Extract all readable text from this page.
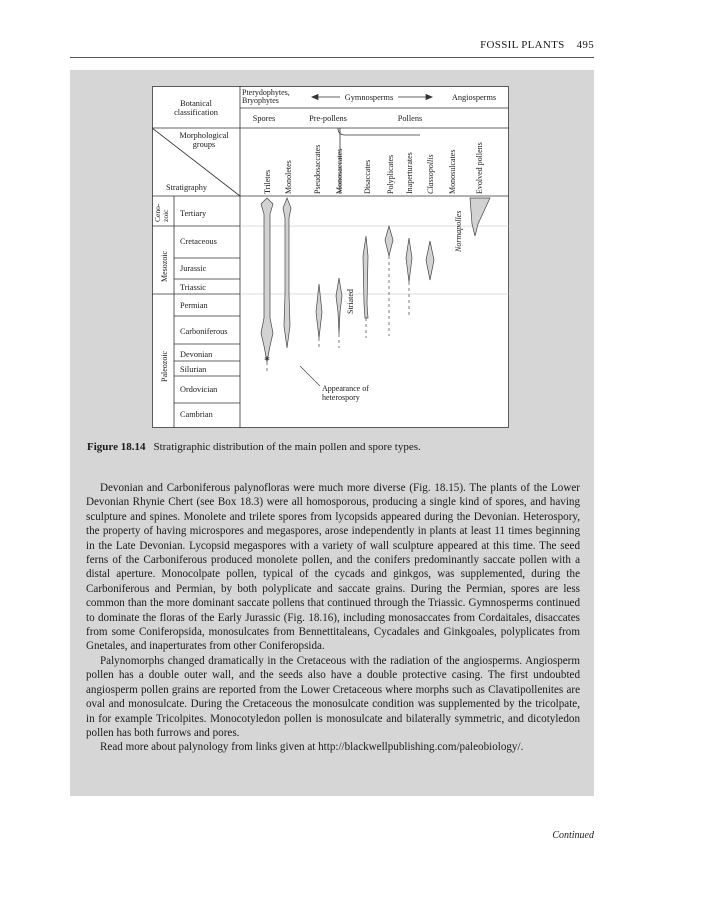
FOSSIL PLANTS 495
Botanical classification
Morphological groups
Stratigraphy
Pterydophytes, Bryophytes	Gymnosperms	Angiosperms
Spores	Pre-pollens	Pollens
Triletes Monoletes	Pseudosaccates Monosaccates Disaccates Polyplicates Inaperturates Classopollis Monosulcates Evolved pollens
Ceno-zoic
Mesozoic
Paleozoic
Tertiary
Cretaceous
Jurassic
Triassic
Permian
Carboniferous
Devonian
Silurian
Ordovician
Cambrian
Striated
Normapolles
Appearance of heterospory
*
Figure 18.14 Stratigraphic distribution of the main pollen and spore types.

Devonian and Carboniferous palynofloras were much more diverse (Fig. 18.15). The plants of the Lower Devonian Rhynie Chert (see Box 18.3) were all homosporous, producing a single kind of spores, and having sculpture and spines. Monolete and trilete spores from lycopsids appeared during the Devonian. Heterospory, the property of having microspores and megaspores, arose independently in plants at least 11 times beginning in the Late Devonian. Lycopsid megaspores with a variety of wall sculpture appeared at this time. The seed ferns of the Carboniferous produced monolete pollen, and the conifers predominantly saccate pollen with a distal aperture. Monocolpate pollen, typical of the cycads and ginkgos, was supplemented, during the Carboniferous and Permian, by both polyplicate and saccate grains. During the Permian, spores are less common than the more dominant saccate pollens that continued through the Triassic. Gymnosperms continued to dominate the floras of the Early Jurassic (Fig. 18.16), including monosaccates from Cordaitales, disaccates from some Coniferopsida, monosulcates from Bennettitaleans, Cycadales and Ginkgoales, polyplicates from Gnetales, and inaperturates from other Coniferopsida.

Palynomorphs changed dramatically in the Cretaceous with the radiation of the angiosperms. Angiosperm pollen has a double outer wall, and the seeds also have a double protective casing. The first undoubted angiosperm pollen grains are reported from the Lower Cretaceous where morphs such as Clavatipollenites are oval and monosulcate. During the Cretaceous the monosulcate condition was supplemented by the tricolpate, in for example Tricolpites. Monocotyledon pollen is monosulcate and bilaterally symmetric, and dicotyledon pollen has both furrows and pores.

Read more about palynology from links given at http://blackwellpublishing.com/paleobiology/.

Continued
